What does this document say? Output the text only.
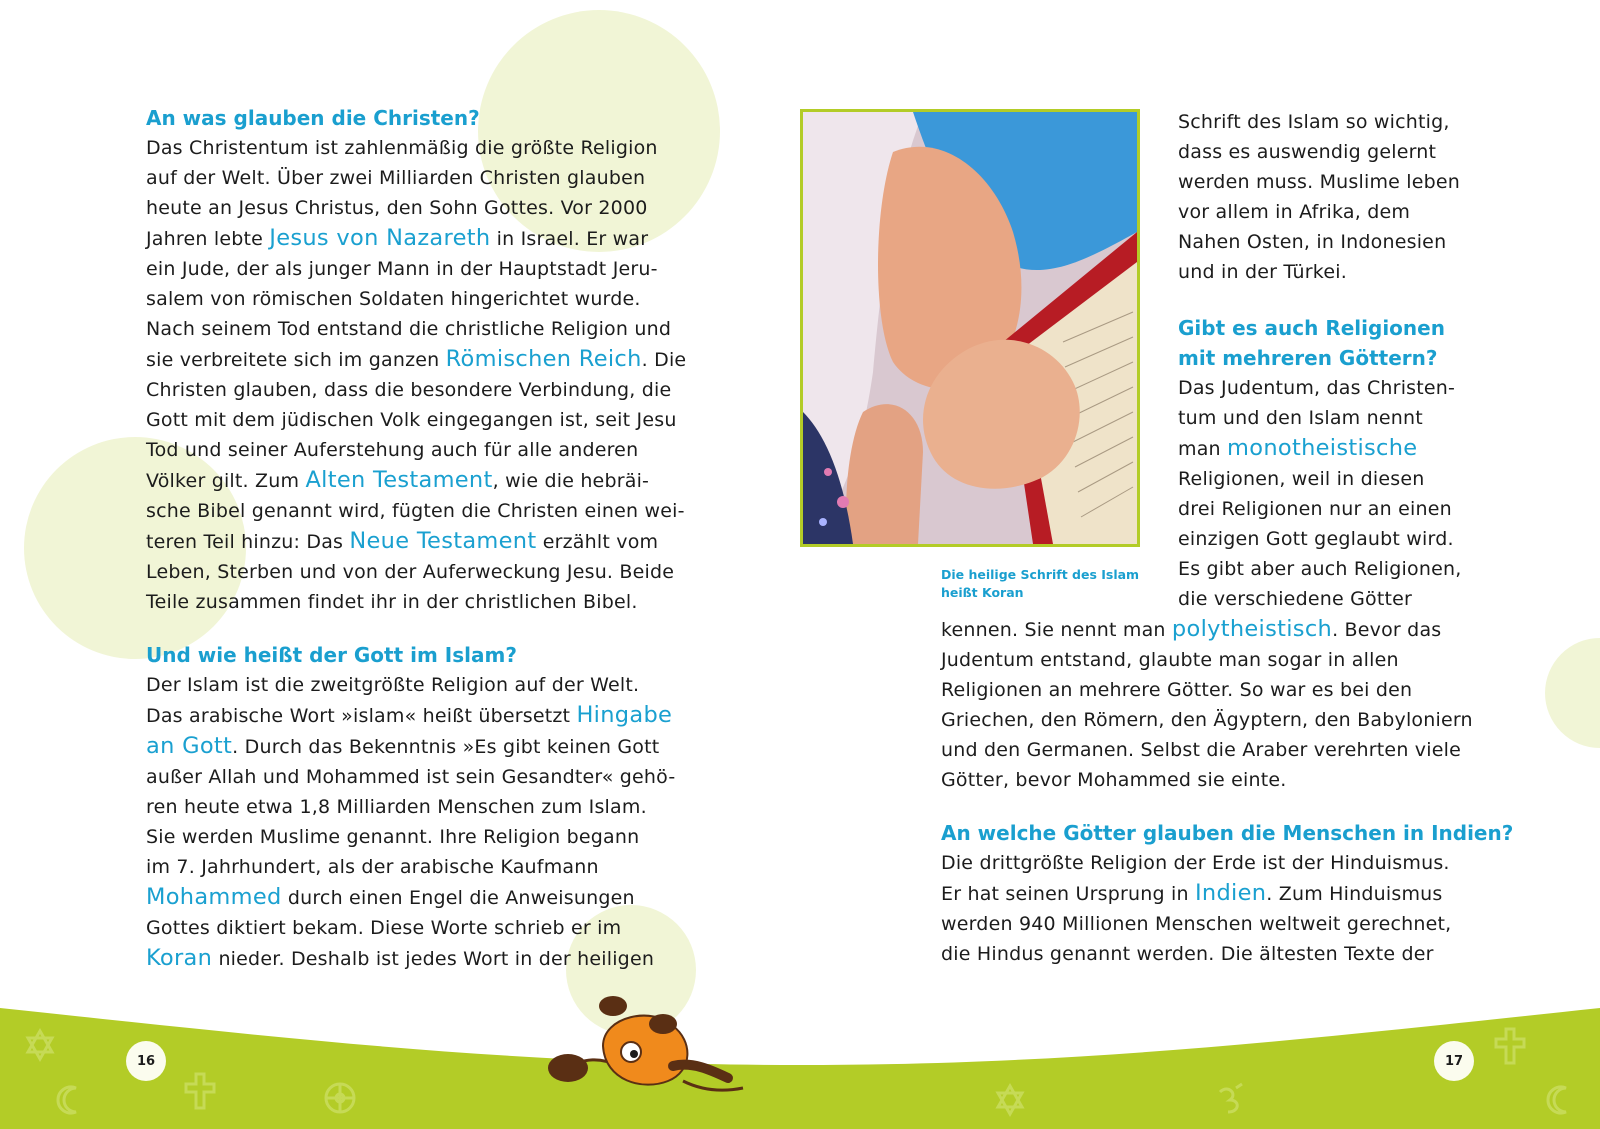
An was glauben die Christen?

Das Christentum ist zahlenmäßig die größte Religion

auf der Welt. Über zwei Milliarden Christen glauben

heute an Jesus Christus, den Sohn Gottes. Vor 2000

Jahren lebte Jesus von Nazareth in Israel. Er war

ein Jude, der als junger Mann in der Hauptstadt Jeru-

salem von römischen Soldaten hingerichtet wurde.

Nach seinem Tod entstand die christliche Religion und

sie verbreitete sich im ganzen Römischen Reich. Die

Christen glauben, dass die besondere Verbindung, die

Gott mit dem jüdischen Volk eingegangen ist, seit Jesu

Tod und seiner Auferstehung auch für alle anderen

Völker gilt. Zum Alten Testament, wie die hebräi-

sche Bibel genannt wird, fügten die Christen einen wei-

teren Teil hinzu: Das Neue Testament erzählt vom

Leben, Sterben und von der Auferweckung Jesu. Beide

Teile zusammen findet ihr in der christlichen Bibel.

Und wie heißt der Gott im Islam?

Der Islam ist die zweitgrößte Religion auf der Welt.

Das arabische Wort »islam« heißt übersetzt Hingabe

an Gott. Durch das Bekenntnis »Es gibt keinen Gott

außer Allah und Mohammed ist sein Gesandter« gehö-

ren heute etwa 1,8 Milliarden Menschen zum Islam.

Sie werden Muslime genannt. Ihre Religion begann

im 7. Jahrhundert, als der arabische Kaufmann

Mohammed durch einen Engel die Anweisungen

Gottes diktiert bekam. Diese Worte schrieb er im

Koran nieder. Deshalb ist jedes Wort in der heiligen

Die heilige Schrift des Islam
heißt Koran

Schrift des Islam so wichtig,

dass es auswendig gelernt

werden muss. Muslime leben

vor allem in Afrika, dem

Nahen Osten, in Indonesien

und in der Türkei.

Gibt es auch Religionen
mit mehreren Göttern?

Das Judentum, das Christen-

tum und den Islam nennt

man monotheistische

Religionen, weil in diesen

drei Religionen nur an einen

einzigen Gott geglaubt wird.

Es gibt aber auch Religionen,

die verschiedene Götter

kennen. Sie nennt man polytheistisch. Bevor das

Judentum entstand, glaubte man sogar in allen

Religionen an mehrere Götter. So war es bei den

Griechen, den Römern, den Ägyptern, den Babyloniern

und den Germanen. Selbst die Araber verehrten viele

Götter, bevor Mohammed sie einte.

An welche Götter glauben die Menschen in Indien?

Die drittgrößte Religion der Erde ist der Hinduismus.

Er hat seinen Ursprung in Indien. Zum Hinduismus

werden 940 Millionen Menschen weltweit gerechnet,

die Hindus genannt werden. Die ältesten Texte der

16	17
